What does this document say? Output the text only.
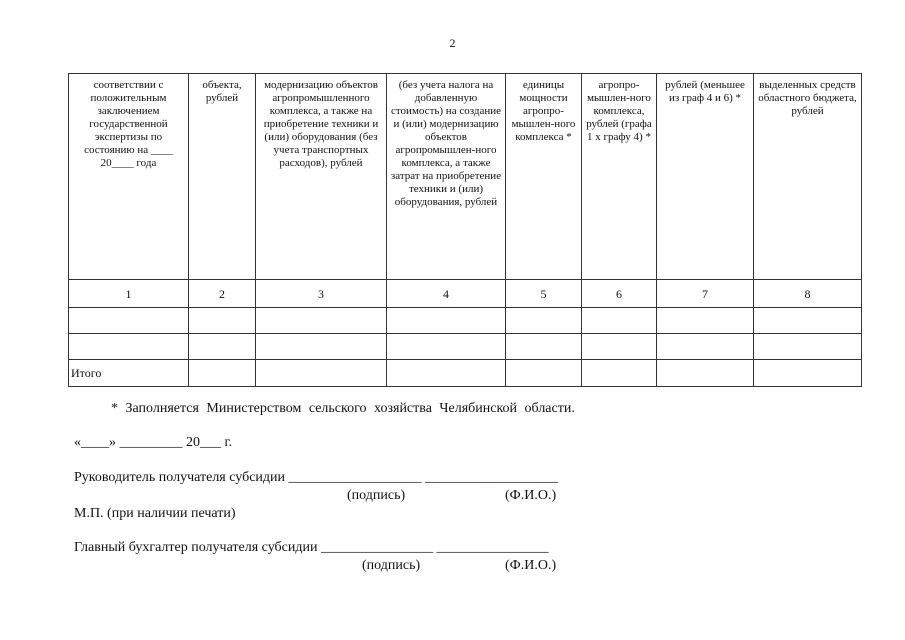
2
соответствии с положительным заключением государственной экспертизы по состоянию на ____ 20____ года	объекта, рублей	модернизацию объектов агропромышленного комплекса, а также на приобретение техники и (или) оборудования (без учета транспортных расходов), рублей	(без учета налога на добавленную стоимость) на создание и (или) модернизацию объектов агропромышлен-ного комплекса, а также затрат на приобретение техники и (или) оборудования, рублей	единицы мощности агропро-мышлен-ного комплекса *	агропро-мышлен-ного комплекса, рублей (графа 1 х графу 4) *	рублей (меньшее из граф 4 и 6) *	выделенных средств областного бюджета, рублей
1	2	3	4	5	6	7	8

Итого							
* Заполняется Министерством сельского хозяйства Челябинской области.
«____» _________ 20___ г.
Руководитель получателя субсидии ___________________ ___________________
(подпись)	(Ф.И.О.)
М.П. (при наличии печати)
Главный бухгалтер получателя субсидии ________________ ________________
(подпись)	(Ф.И.О.)
